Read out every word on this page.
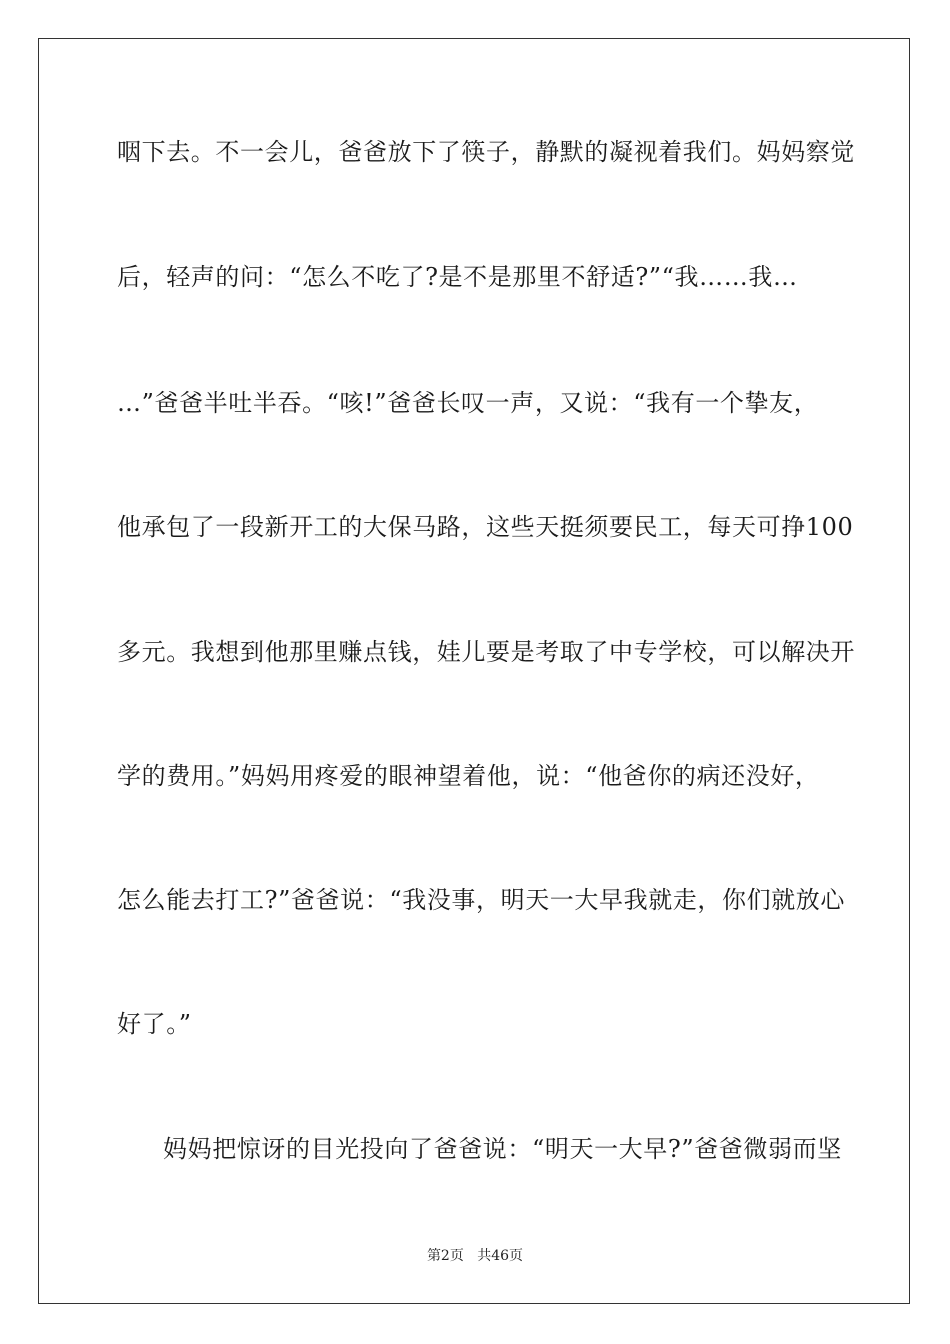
咽下去。不一会儿，爸爸放下了筷子，静默的凝视着我们。妈妈察觉
后，轻声的问：“怎么不吃了?是不是那里不舒适?”“我……我…
…”爸爸半吐半吞。“咳!”爸爸长叹一声，又说：“我有一个挚友，
他承包了一段新开工的大保马路，这些天挺须要民工，每天可挣100
多元。我想到他那里赚点钱，娃儿要是考取了中专学校，可以解决开
学的费用。”妈妈用疼爱的眼神望着他，说：“他爸你的病还没好，
怎么能去打工?”爸爸说：“我没事，明天一大早我就走，你们就放心
好了。”
妈妈把惊讶的目光投向了爸爸说：“明天一大早?”爸爸微弱而坚
第2页 共46页
